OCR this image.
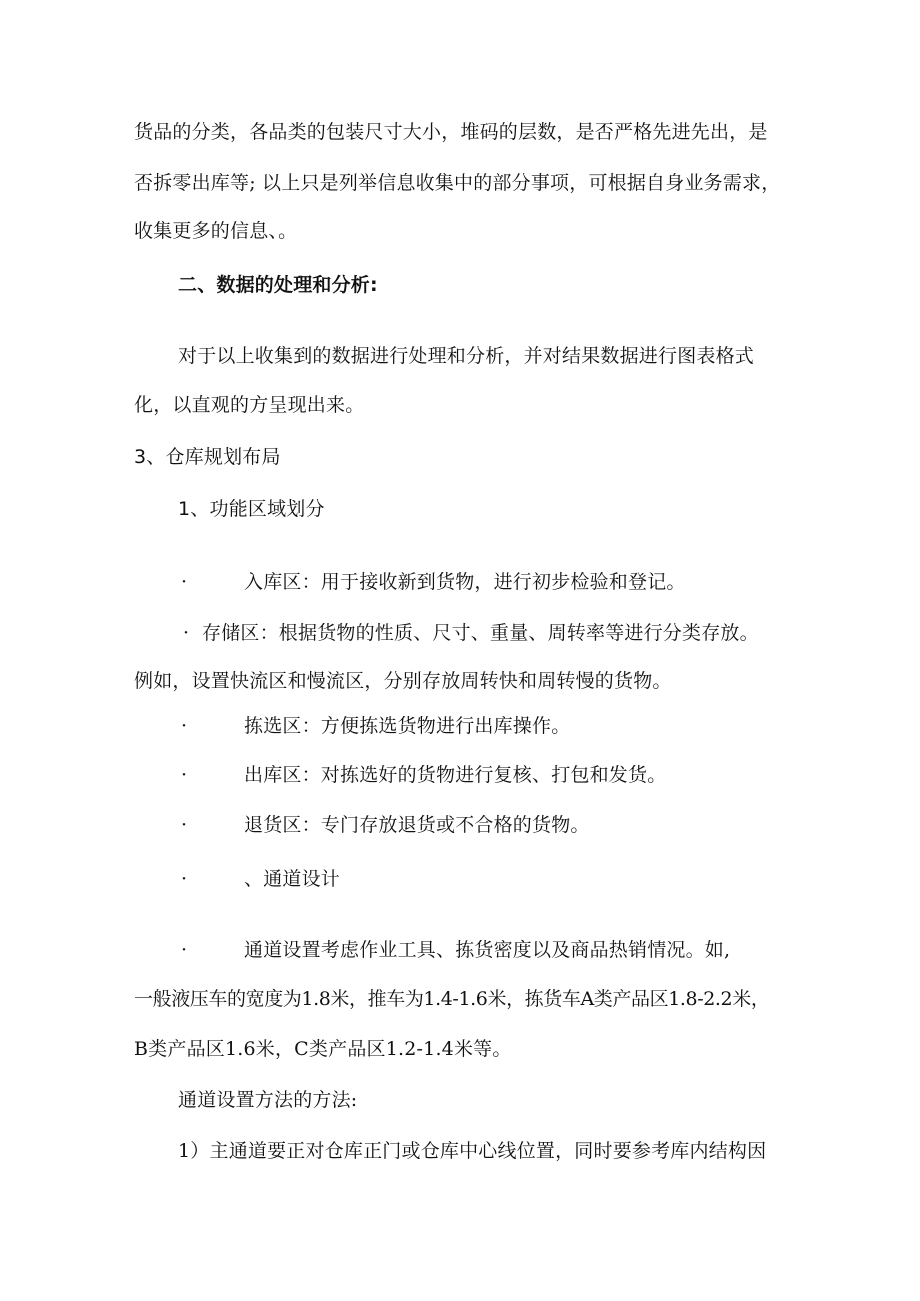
货品的分类，各品类的包装尺寸大小，堆码的层数，是否严格先进先出，是
否拆零出库等; 以上只是列举信息收集中的部分事项，可根据自身业务需求，
收集更多的信息、。
二、数据的处理和分析:
对于以上收集到的数据进行处理和分析，并对结果数据进行图表格式
化，以直观的方呈现出来。
3、仓库规划布局
1、功能区域划分
·	入库区：用于接收新到货物，进行初步检验和登记。
· 存储区：根据货物的性质、尺寸、重量、周转率等进行分类存放。
例如，设置快流区和慢流区，分别存放周转快和周转慢的货物。
·	拣选区：方便拣选货物进行出库操作。
·	出库区：对拣选好的货物进行复核、打包和发货。
·	退货区：专门存放退货或不合格的货物。
·	、通道设计
·	通道设置考虑作业工具、拣货密度以及商品热销情况。如,
一般液压车的宽度为1.8米，推车为1.4-1.6米，拣货车A类产品区1.8-2.2米，
B类产品区1.6米，C类产品区1.2-1.4米等。
通道设置方法的方法:
1）主通道要正对仓库正门或仓库中心线位置，同时要参考库内结构因
